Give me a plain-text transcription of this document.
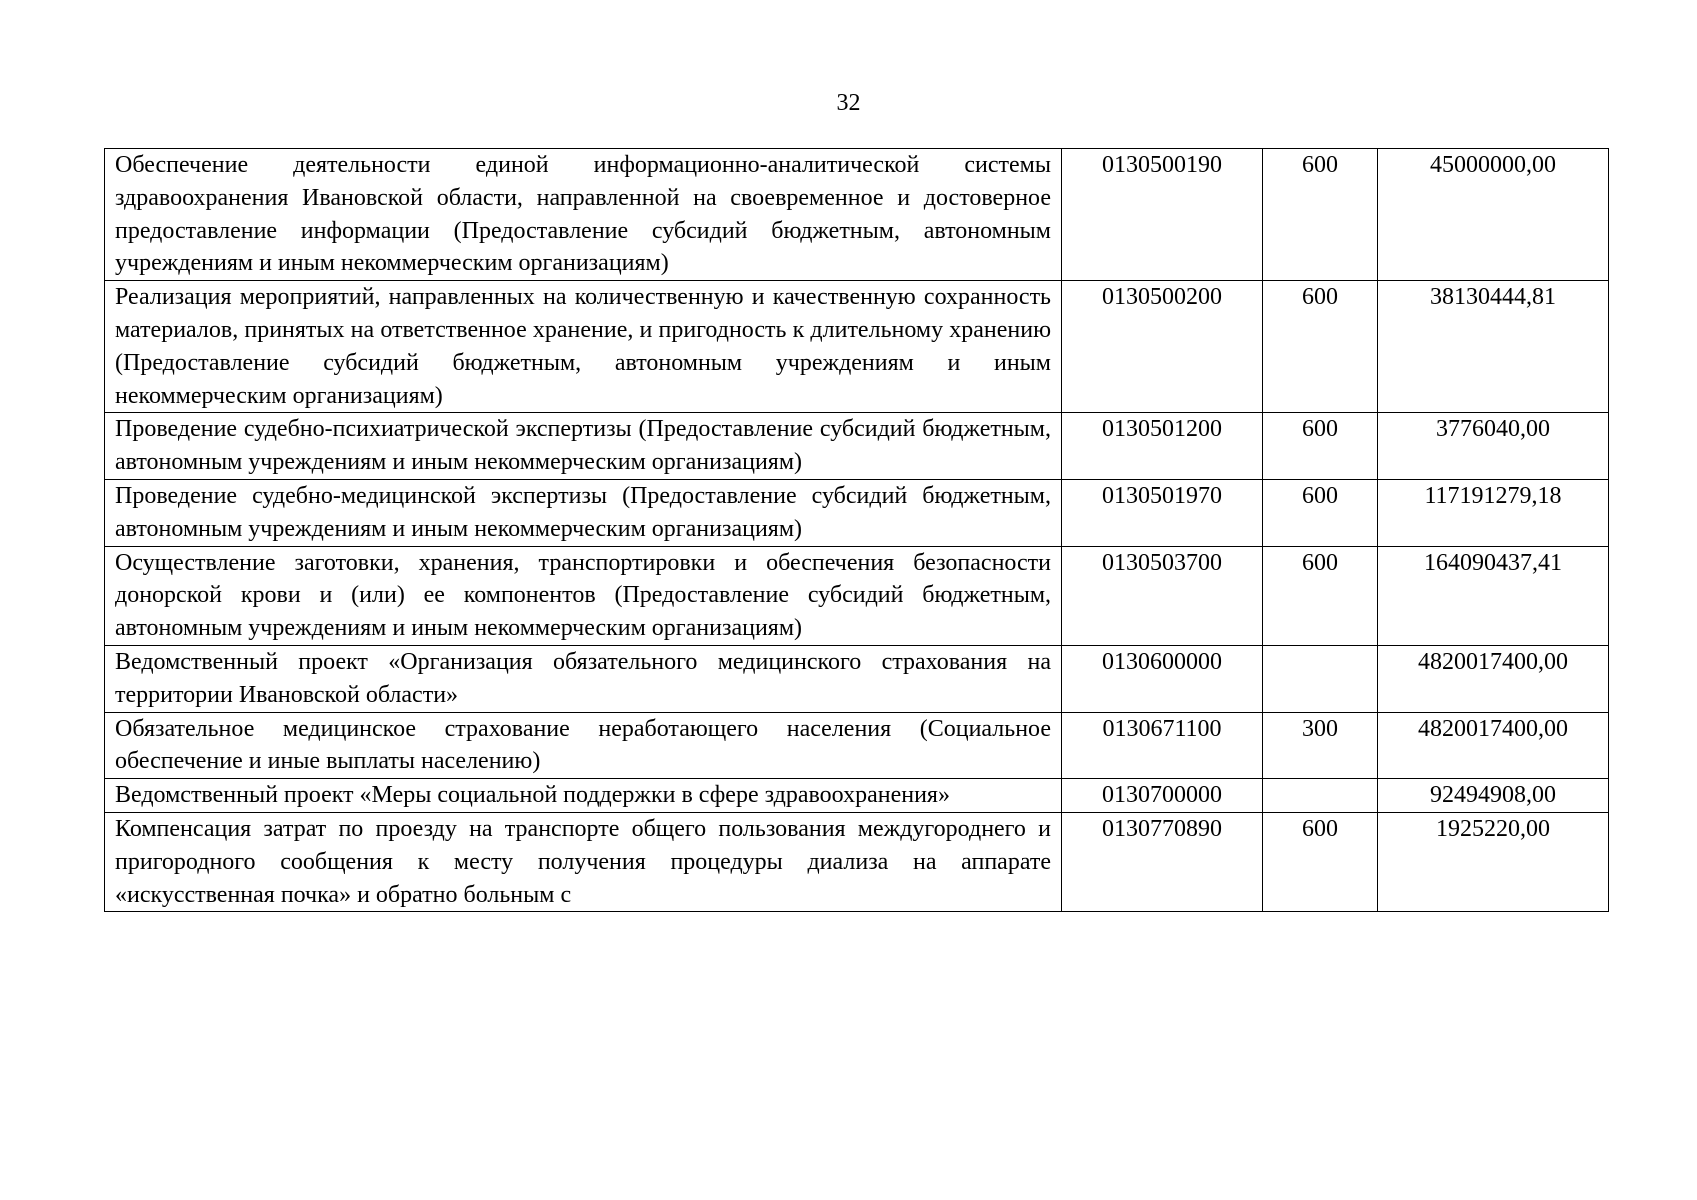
32
Обеспечение деятельности единой информационно-аналитической системы здравоохранения Ивановской области, направленной на своевременное и достоверное предоставление информации (Предоставление субсидий бюджетным, автономным учреждениям и иным некоммерческим организациям)	0130500190	600	45000000,00
Реализация мероприятий, направленных на количественную и качественную сохранность материалов, принятых на ответственное хранение, и пригодность к длительному хранению (Предоставление субсидий бюджетным, автономным учреждениям и иным некоммерческим организациям)	0130500200	600	38130444,81
Проведение судебно-психиатрической экспертизы (Предоставление субсидий бюджетным, автономным учреждениям и иным некоммерческим организациям)	0130501200	600	3776040,00
Проведение судебно-медицинской экспертизы (Предоставление субсидий бюджетным, автономным учреждениям и иным некоммерческим организациям)	0130501970	600	117191279,18
Осуществление заготовки, хранения, транспортировки и обеспечения безопасности донорской крови и (или) ее компонентов (Предоставление субсидий бюджетным, автономным учреждениям и иным некоммерческим организациям)	0130503700	600	164090437,41
Ведомственный проект «Организация обязательного медицинского страхования на территории Ивановской области»	0130600000		4820017400,00
Обязательное медицинское страхование неработающего населения (Социальное обеспечение и иные выплаты населению)	0130671100	300	4820017400,00
Ведомственный проект «Меры социальной поддержки в сфере здравоохранения»	0130700000		92494908,00

Компенсация затрат по проезду на транспорте общего пользования междугороднего и пригородного сообщения к месту получения процедуры диализа на аппарате «искусственная почка» и обратно больным с	0130770890	600	1925220,00
